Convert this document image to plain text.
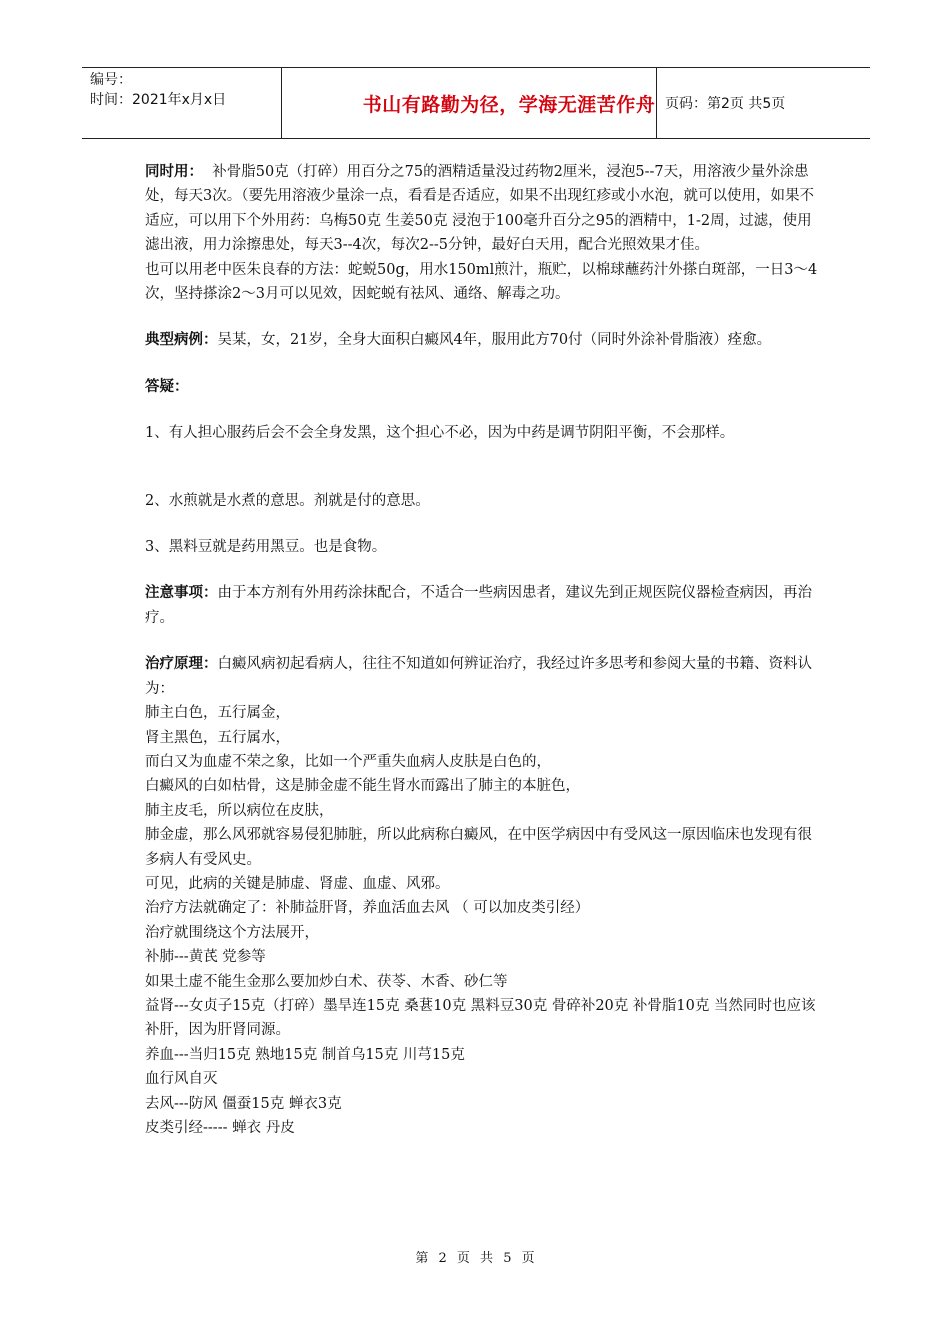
编号：
时间：2021年x月x日	书山有路勤为径，学海无涯苦作舟 页码：第2页 共5页

同时用： 补骨脂50克（打碎）用百分之75的酒精适量没过药物2厘米，浸泡5--7天，用溶液少量外涂患处，每天3次。（要先用溶液少量涂一点，看看是否适应，如果不出现红疹或小水泡，就可以使用，如果不适应，可以用下个外用药：乌梅50克 生姜50克 浸泡于100毫升百分之95的酒精中，1-2周，过滤，使用滤出液，用力涂擦患处，每天3--4次，每次2--5分钟，最好白天用，配合光照效果才佳。

也可以用老中医朱良春的方法：蛇蜕50g，用水150ml煎汁，瓶贮，以棉球蘸药汁外搽白斑部，一日3～4次，坚持搽涂2～3月可以见效，因蛇蜕有祛风、通络、解毒之功。

典型病例：吴某，女，21岁，全身大面积白癜风4年，服用此方70付（同时外涂补骨脂液）痊愈。

答疑：

1、有人担心服药后会不会全身发黑，这个担心不必，因为中药是调节阴阳平衡，不会那样。

2、水煎就是水煮的意思。剂就是付的意思。

3、黑料豆就是药用黑豆。也是食物。

注意事项：由于本方剂有外用药涂抹配合，不适合一些病因患者，建议先到正规医院仪器检查病因，再治疗。

治疗原理：白癜风病初起看病人，往往不知道如何辨证治疗，我经过许多思考和参阅大量的书籍、资料认为：

肺主白色，五行属金，

肾主黑色，五行属水，

而白又为血虚不荣之象，比如一个严重失血病人皮肤是白色的，

白癜风的白如枯骨，这是肺金虚不能生肾水而露出了肺主的本脏色，

肺主皮毛，所以病位在皮肤，

肺金虚，那么风邪就容易侵犯肺脏，所以此病称白癜风，在中医学病因中有受风这一原因临床也发现有很多病人有受风史。

可见，此病的关键是肺虚、肾虚、血虚、风邪。

治疗方法就确定了：补肺益肝肾，养血活血去风 （ 可以加皮类引经）

治疗就围绕这个方法展开，

补肺---黄芪 党参等

如果土虚不能生金那么要加炒白术、茯苓、木香、砂仁等

益肾---女贞子15克（打碎）墨旱连15克 桑葚10克 黑料豆30克 骨碎补20克 补骨脂10克 当然同时也应该补肝，因为肝肾同源。

养血---当归15克 熟地15克 制首乌15克 川芎15克

血行风自灭

去风---防风 僵蚕15克 蝉衣3克

皮类引经----- 蝉衣 丹皮

第 2 页 共 5 页
